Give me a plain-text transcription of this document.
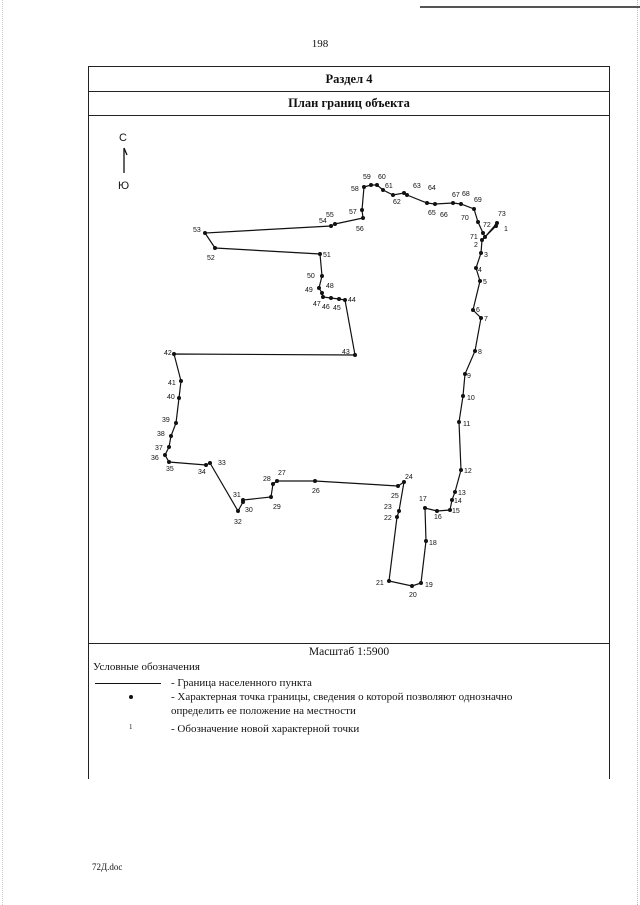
198
Раздел 4
План границ объекта
Масштаб 1:5900
Условные обозначения
- Граница населенного пункта
- Характерная точка границы, сведения о которой позволяют однозначно
определить ее положение на местности
1	- Обозначение новой характерной точки
С
Ю
1
2
3
4
5
6
7
8
9
10
11
12
13
14
15
16
17
18
19
20
21
22
23
24
25
26
27
28
29
30
31
32
33
34
35
36
37
38
39
40
41
42	43
44
45
46
47
48
49
50
51
52
53
54
55
56
57
58
59 60
61
62
63 64
65 66
67 68
69
70
71
72
73
72Д.doc
